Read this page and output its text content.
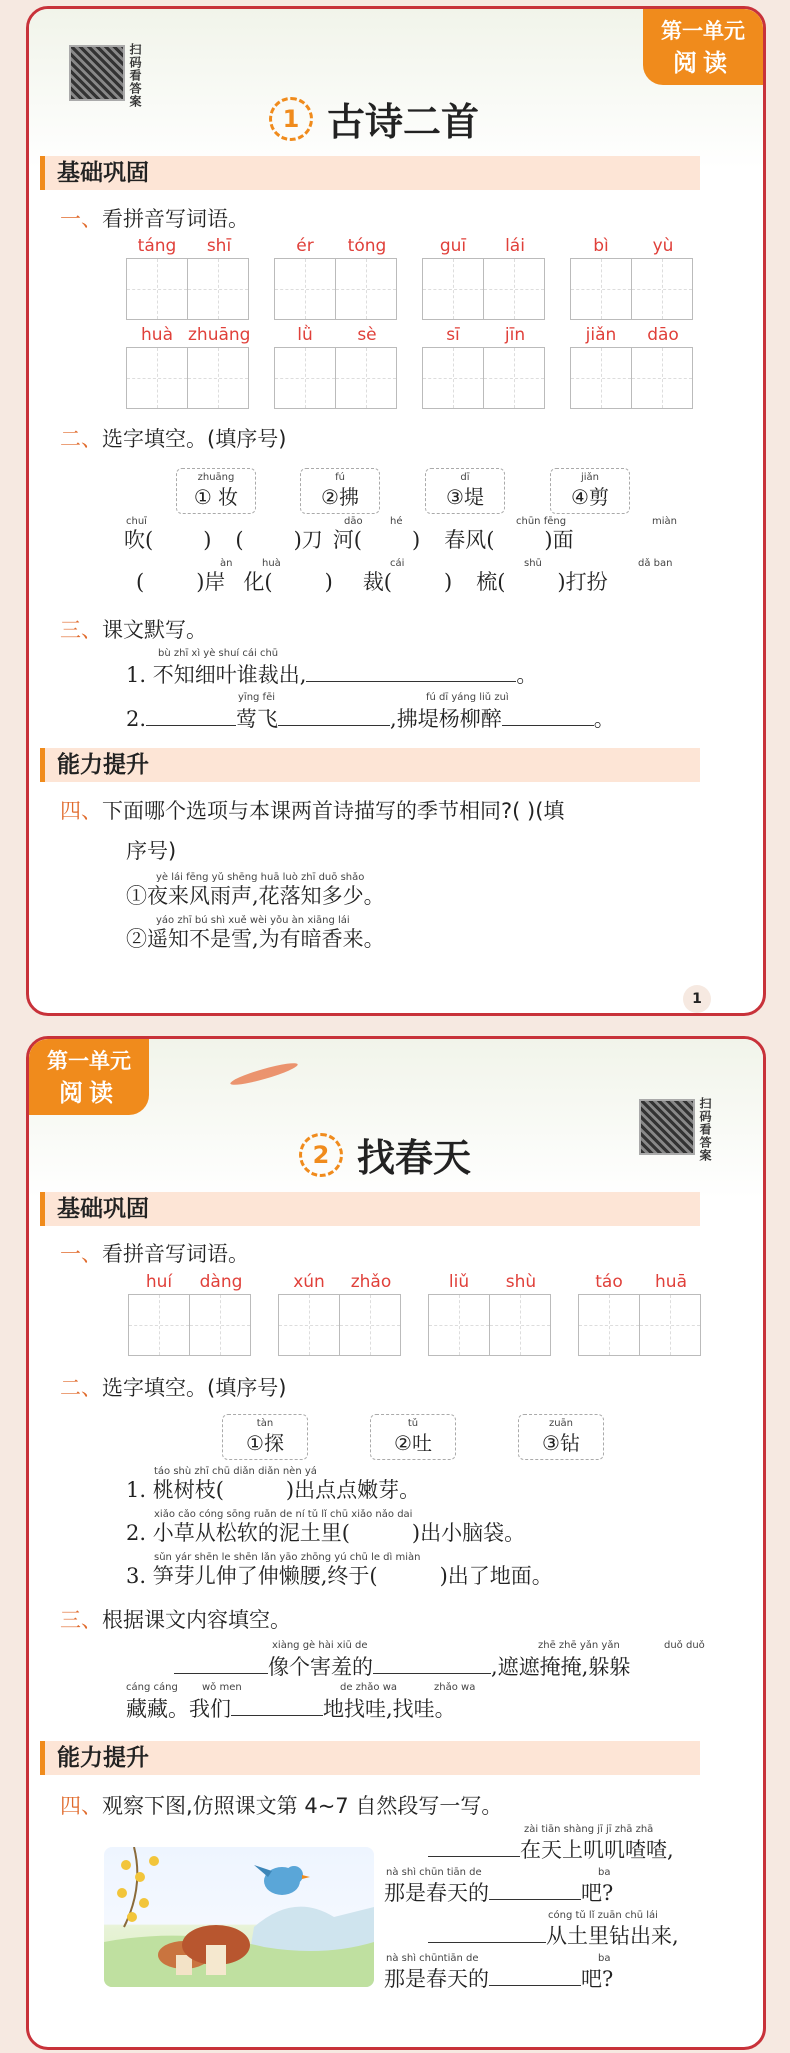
第一单元
阅读
扫码看答案
1 古诗二首
基础巩固
一、看拼音写词语。
táng	shī	ér	tóng	guī	lái	bì	yù
huà zhuāng	lǜ	sè	sī	jīn	jiǎn	dāo
二、选字填空。(填序号)
zhuāng
① 妆
fú
②拂
dī
③堤
jiǎn
④剪
chuī	dāo	hé	chūn fēng	miàn
吹( ) ( )刀 河( ) 春风( )面
àn	huà	cái	shū	dǎ ban
( )岸 化( ) 裁( ) 梳( )打扮
三、课文默写。
bù zhī xì yè shuí cái chū
1. 不知细叶谁裁出,	。
yīng fēi	fú dī yáng liǔ zuì
2.	莺飞	,拂堤杨柳醉	。
能力提升
四、下面哪个选项与本课两首诗描写的季节相同?( )(填
序号)
yè lái fēng yǔ shēng huā luò zhī duō shǎo
①夜来风雨声,花落知多少。
yáo zhī bú shì xuě wèi yǒu àn xiāng lái
②遥知不是雪,为有暗香来。
1
第一单元
阅读
扫码看答案
2 找春天
基础巩固
一、看拼音写词语。
huí	dàng	xún	zhǎo	liǔ	shù	táo	huā
二、选字填空。(填序号)
tàn
①探
tǔ
②吐
zuān
③钻
táo shù zhī chū diǎn diǎn nèn yá
1. 桃树枝(	)出点点嫩芽。
xiǎo cǎo cóng sōng ruǎn de ní tǔ lǐ chū xiǎo nǎo dai
2. 小草从松软的泥土里(	)出小脑袋。
sǔn yár shēn le shēn lǎn yāo zhōng yú chū le dì miàn
3. 笋芽儿伸了伸懒腰,终于(	)出了地面。
三、根据课文内容填空。
xiàng gè hài xiū de	zhē zhē yǎn yǎn	duǒ duǒ
像个害羞的	,遮遮掩掩,躲躲
cáng cáng wǒ men	de zhǎo wa	zhǎo wa
藏藏。我们	地找哇,找哇。
能力提升
四、观察下图,仿照课文第 4~7 自然段写一写。
zài tiān shàng jī jī zhā zhā
在天上叽叽喳喳,
nà shì chūn tiān de	ba
那是春天的	吧?
cóng tǔ lǐ zuān chū lái
从土里钻出来,
nà shì chūntiān de	ba
那是春天的	吧?
